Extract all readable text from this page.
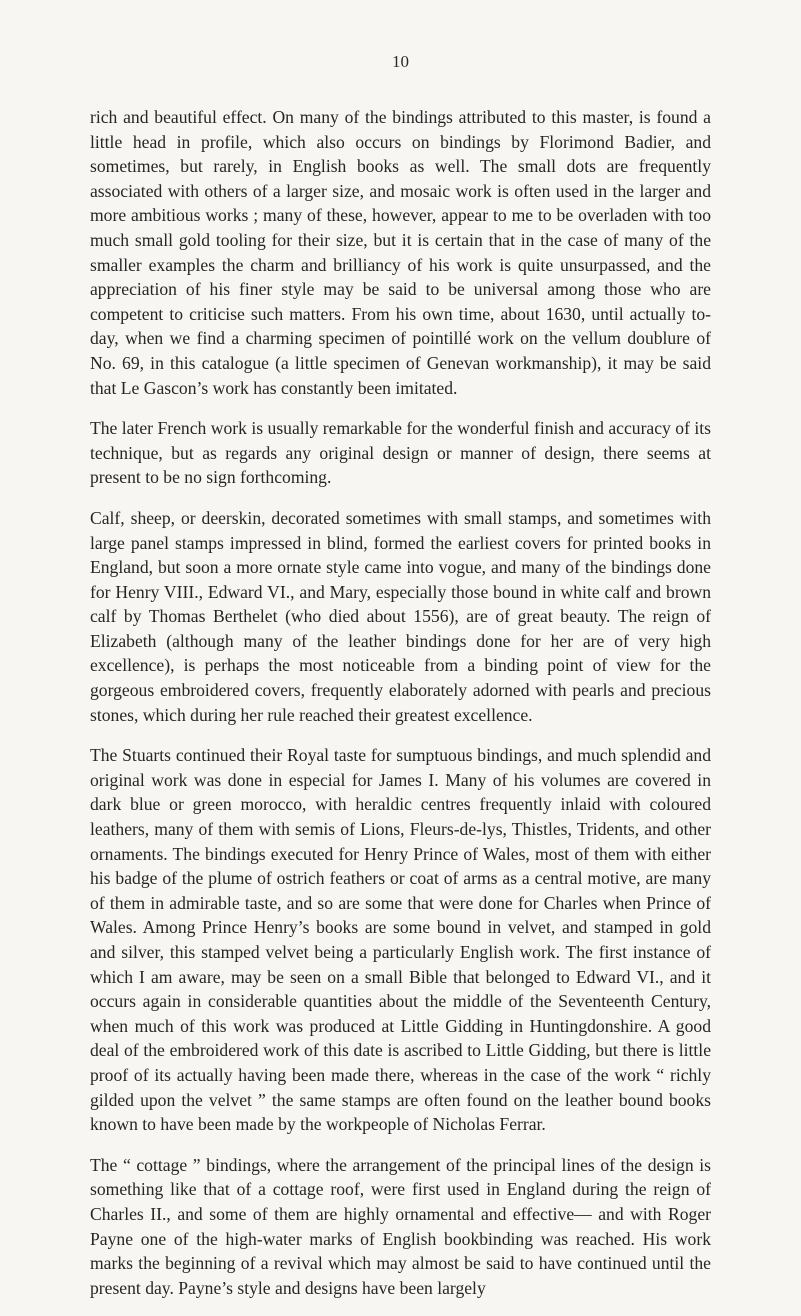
10

rich and beautiful effect. On many of the bindings attributed to this master, is found a little head in profile, which also occurs on bindings by Florimond Badier, and sometimes, but rarely, in English books as well. The small dots are frequently associated with others of a larger size, and mosaic work is often used in the larger and more ambitious works ; many of these, however, appear to me to be overladen with too much small gold tooling for their size, but it is certain that in the case of many of the smaller examples the charm and brilliancy of his work is quite unsurpassed, and the appreciation of his finer style may be said to be universal among those who are competent to criticise such matters. From his own time, about 1630, until actually to-day, when we find a charming specimen of pointillé work on the vellum doublure of No. 69, in this catalogue (a little specimen of Genevan workmanship), it may be said that Le Gascon’s work has constantly been imitated.

The later French work is usually remarkable for the wonderful finish and accuracy of its technique, but as regards any original design or manner of design, there seems at present to be no sign forthcoming.

Calf, sheep, or deerskin, decorated sometimes with small stamps, and sometimes with large panel stamps impressed in blind, formed the earliest covers for printed books in England, but soon a more ornate style came into vogue, and many of the bindings done for Henry VIII., Edward VI., and Mary, especially those bound in white calf and brown calf by Thomas Berthelet (who died about 1556), are of great beauty. The reign of Elizabeth (although many of the leather bindings done for her are of very high excellence), is perhaps the most noticeable from a binding point of view for the gorgeous embroidered covers, frequently elaborately adorned with pearls and precious stones, which during her rule reached their greatest excellence.

The Stuarts continued their Royal taste for sumptuous bindings, and much splendid and original work was done in especial for James I. Many of his volumes are covered in dark blue or green morocco, with heraldic centres frequently inlaid with coloured leathers, many of them with semis of Lions, Fleurs-de-lys, Thistles, Tridents, and other ornaments. The bindings executed for Henry Prince of Wales, most of them with either his badge of the plume of ostrich feathers or coat of arms as a central motive, are many of them in admirable taste, and so are some that were done for Charles when Prince of Wales. Among Prince Henry’s books are some bound in velvet, and stamped in gold and silver, this stamped velvet being a particularly English work. The first instance of which I am aware, may be seen on a small Bible that belonged to Edward VI., and it occurs again in considerable quantities about the middle of the Seventeenth Century, when much of this work was produced at Little Gidding in Huntingdonshire. A good deal of the embroidered work of this date is ascribed to Little Gidding, but there is little proof of its actually having been made there, whereas in the case of the work “ richly gilded upon the velvet ” the same stamps are often found on the leather bound books known to have been made by the workpeople of Nicholas Ferrar.

The “ cottage ” bindings, where the arrangement of the principal lines of the design is something like that of a cottage roof, were first used in England during the reign of Charles II., and some of them are highly ornamental and effective— and with Roger Payne one of the high-water marks of English bookbinding was reached. His work marks the beginning of a revival which may almost be said to have continued until the present day. Payne’s style and designs have been largely
